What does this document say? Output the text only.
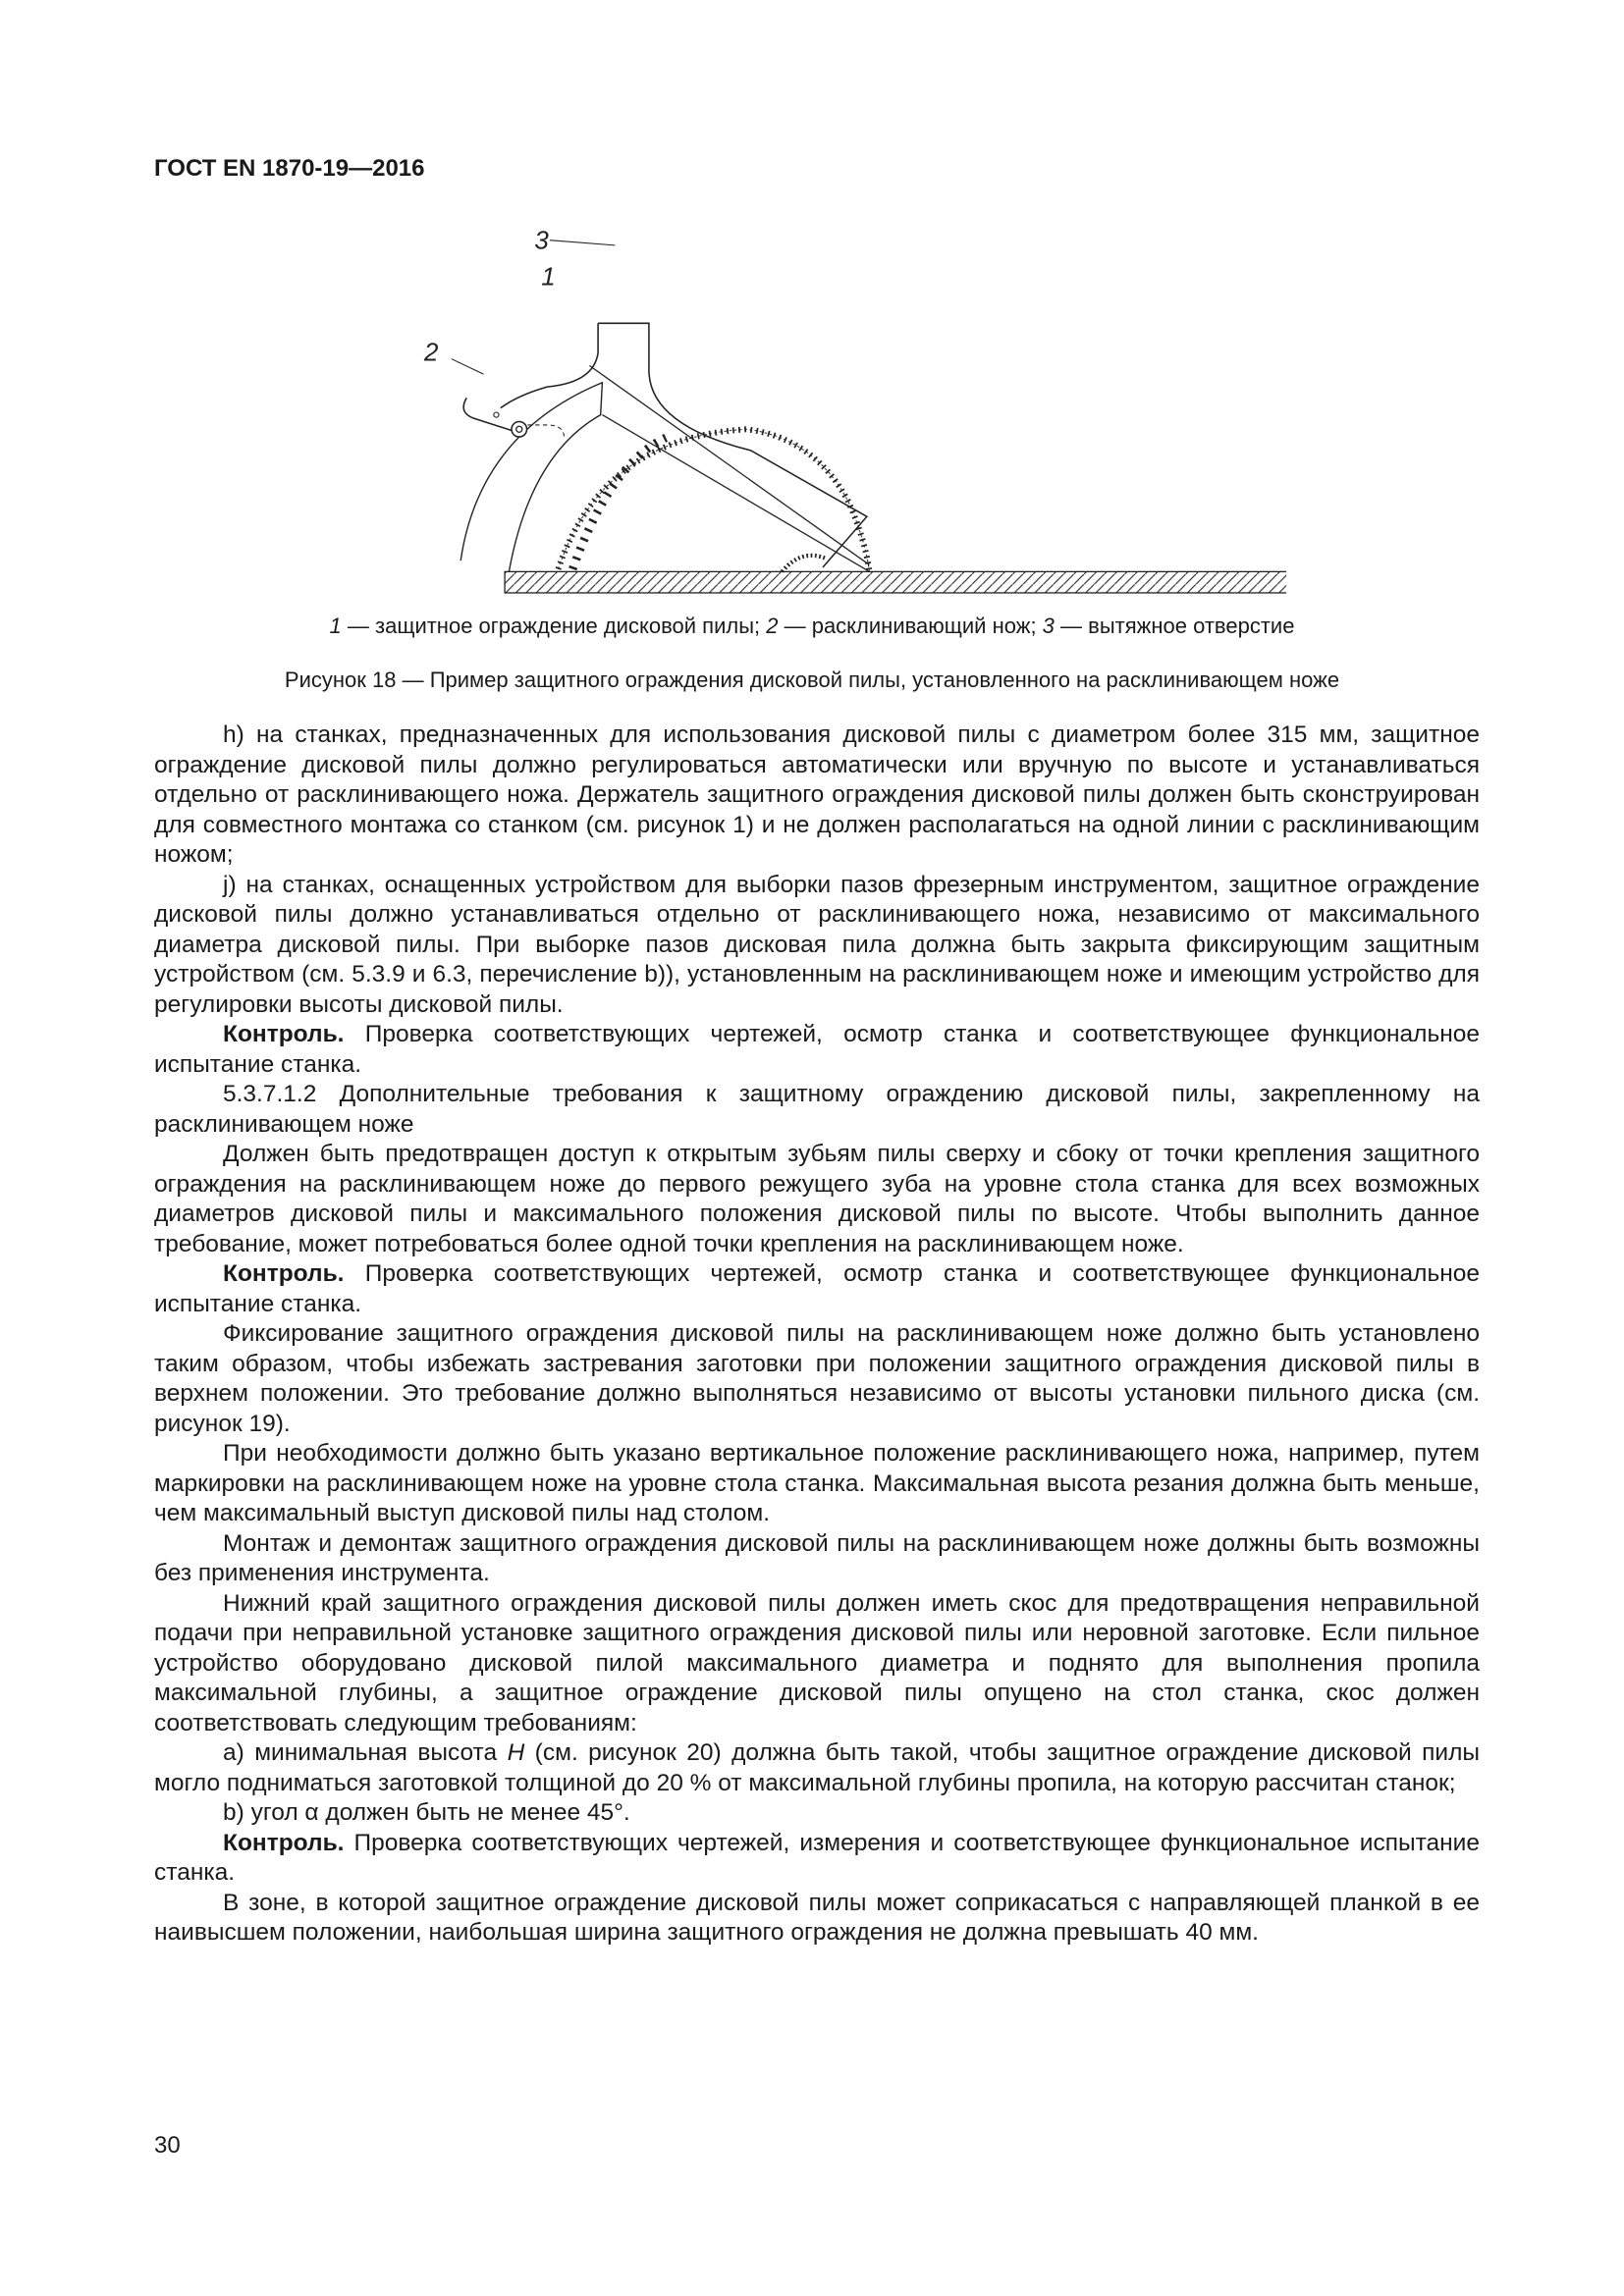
ГОСТ EN 1870-19—2016
1
2
3
1 — защитное ограждение дисковой пилы; 2 — расклинивающий нож; 3 — вытяжное отверстие
Рисунок 18 — Пример защитного ограждения дисковой пилы, установленного на расклинивающем ноже

h) на станках, предназначенных для использования дисковой пилы с диаметром более 315 мм, защитное ограждение дисковой пилы должно регулироваться автоматически или вручную по высоте и устанавливаться отдельно от расклинивающего ножа. Держатель защитного ограждения дисковой пилы должен быть сконструирован для совместного монтажа со станком (см. рисунок 1) и не должен располагаться на одной линии с расклинивающим ножом;

j) на станках, оснащенных устройством для выборки пазов фрезерным инструментом, защитное ограждение дисковой пилы должно устанавливаться отдельно от расклинивающего ножа, независимо от максимального диаметра дисковой пилы. При выборке пазов дисковая пила должна быть закрыта фиксирующим защитным устройством (см. 5.3.9 и 6.3, перечисление b)), установленным на расклинивающем ноже и имеющим устройство для регулировки высоты дисковой пилы.

Контроль. Проверка соответствующих чертежей, осмотр станка и соответствующее функциональное испытание станка.

5.3.7.1.2 Дополнительные требования к защитному ограждению дисковой пилы, закрепленному на расклинивающем ноже

Должен быть предотвращен доступ к открытым зубьям пилы сверху и сбоку от точки крепления защитного ограждения на расклинивающем ноже до первого режущего зуба на уровне стола станка для всех возможных диаметров дисковой пилы и максимального положения дисковой пилы по высоте. Чтобы выполнить данное требование, может потребоваться более одной точки крепления на расклинивающем ноже.

Контроль. Проверка соответствующих чертежей, осмотр станка и соответствующее функциональное испытание станка.

Фиксирование защитного ограждения дисковой пилы на расклинивающем ноже должно быть установлено таким образом, чтобы избежать застревания заготовки при положении защитного ограждения дисковой пилы в верхнем положении. Это требование должно выполняться независимо от высоты установки пильного диска (см. рисунок 19).

При необходимости должно быть указано вертикальное положение расклинивающего ножа, например, путем маркировки на расклинивающем ноже на уровне стола станка. Максимальная высота резания должна быть меньше, чем максимальный выступ дисковой пилы над столом.

Монтаж и демонтаж защитного ограждения дисковой пилы на расклинивающем ноже должны быть возможны без применения инструмента.

Нижний край защитного ограждения дисковой пилы должен иметь скос для предотвращения неправильной подачи при неправильной установке защитного ограждения дисковой пилы или неровной заготовке. Если пильное устройство оборудовано дисковой пилой максимального диаметра и поднято для выполнения пропила максимальной глубины, а защитное ограждение дисковой пилы опущено на стол станка, скос должен соответствовать следующим требованиям:

а) минимальная высота H (см. рисунок 20) должна быть такой, чтобы защитное ограждение дисковой пилы могло подниматься заготовкой толщиной до 20 % от максимальной глубины пропила, на которую рассчитан станок;

b) угол α должен быть не менее 45°.

Контроль. Проверка соответствующих чертежей, измерения и соответствующее функциональное испытание станка.

В зоне, в которой защитное ограждение дисковой пилы может соприкасаться с направляющей планкой в ее наивысшем положении, наибольшая ширина защитного ограждения не должна превышать 40 мм.

30
